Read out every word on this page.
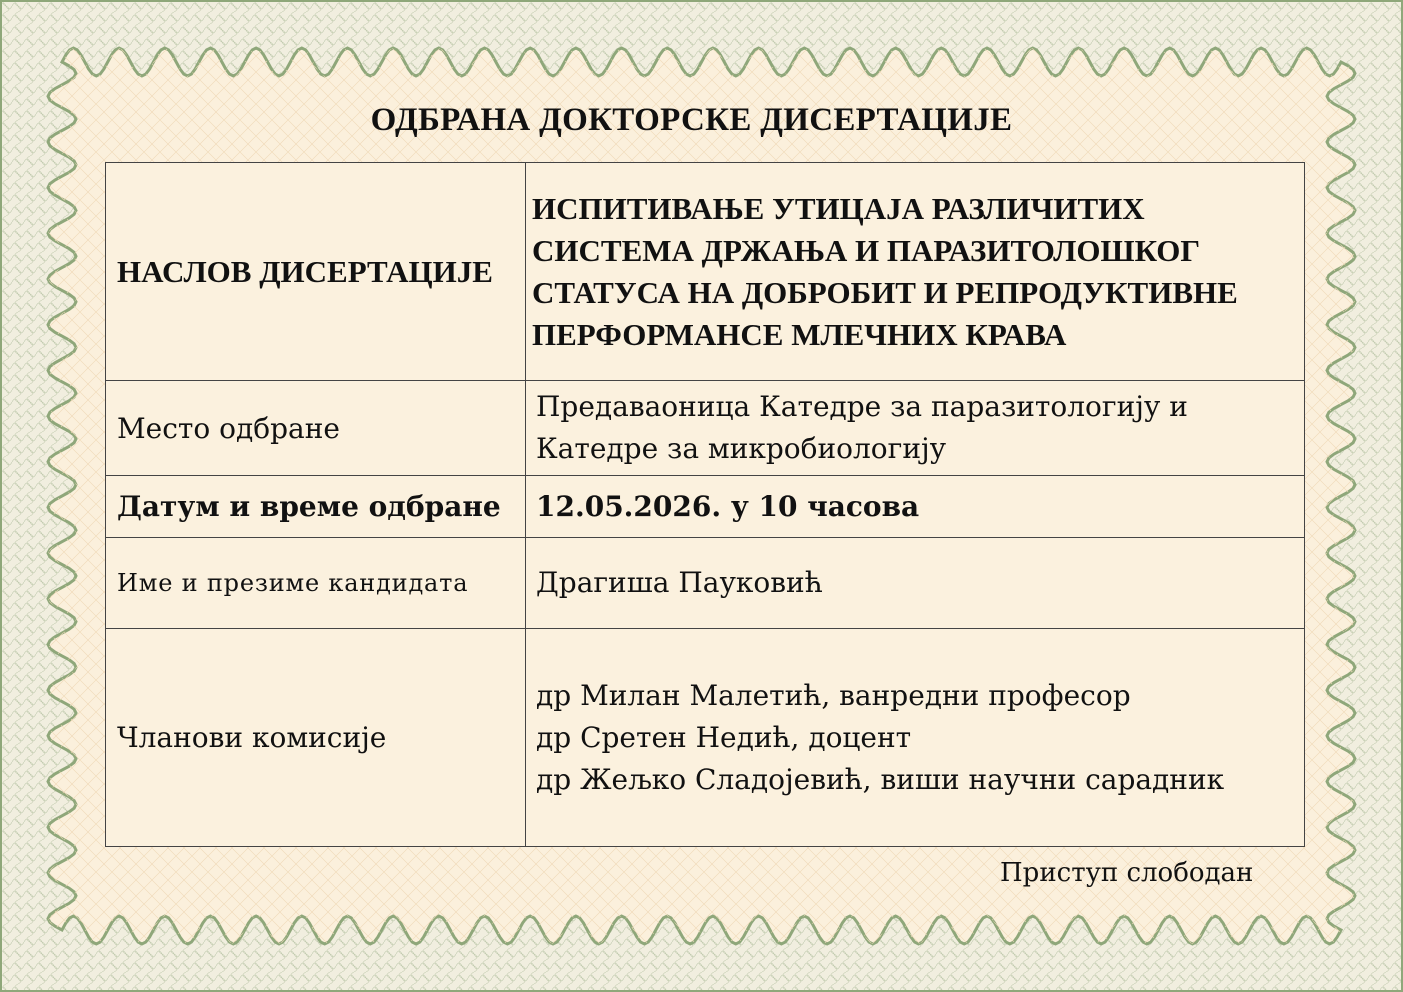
ОДБРАНА ДОКТОРСКЕ ДИСЕРТАЦИЈЕ
НАСЛОВ ДИСЕРТАЦИЈЕ	ИСПИТИВАЊЕ УТИЦАЈА РАЗЛИЧИТИХ СИСТЕМА ДРЖАЊА И ПАРАЗИТОЛОШКОГ СТАТУСА НА ДОБРОБИТ И РЕПРОДУКТИВНЕ ПЕРФОРМАНСЕ МЛЕЧНИХ КРАВА
Место одбране	Предаваоница Катедре за паразитологију и Катедре за микробиологију
Датум и време одбране	12.05.2026. у 10 часова
Име и презиме кандидата	Драгиша Пауковић
Чланови комисије	др Милан Малетић, ванредни професор
др Сретен Недић, доцент
др Жељко Сладојевић, виши научни сарадник
Приступ слободан
